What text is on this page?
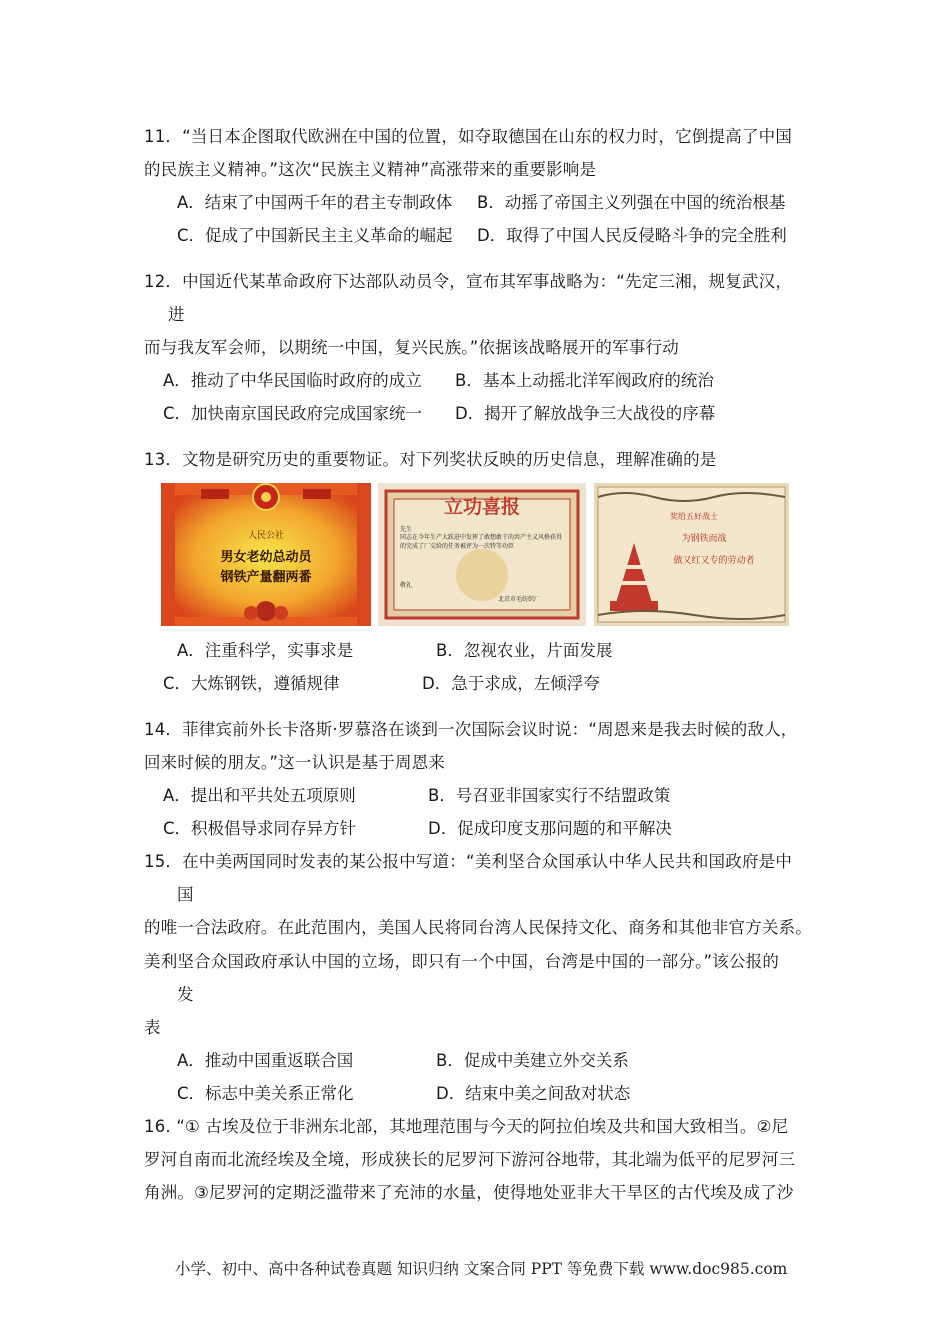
11．“当日本企图取代欧洲在中国的位置，如夺取德国在山东的权力时，它倒提高了中国
的民族主义精神。”这次“民族主义精神”高涨带来的重要影响是
A．结束了中国两千年的君主专制政体 B．动摇了帝国主义列强在中国的统治根基
C．促成了中国新民主主义革命的崛起 D．取得了中国人民反侵略斗争的完全胜利
12．中国近代某革命政府下达部队动员令，宣布其军事战略为：“先定三湘，规复武汉，
进
而与我友军会师，以期统一中国，复兴民族。”依据该战略展开的军事行动
A．推动了中华民国临时政府的成立 B．基本上动摇北洋军阀政府的统治
C．加快南京国民政府完成国家统一 D．揭开了解放战争三大战役的序幕
13．文物是研究历史的重要物证。对下列奖状反映的历史信息，理解准确的是
人民公社
男女老幼总动员
钢铁产量翻两番
立功喜报
先生
同志在今年生产大跃进中发挥了敢想敢干的共产主义风格获得的完成了厂交给的任务被评为一次特等功臣
敬礼
北京市毛纺织厂
奖给五好战士
为钢铁而战
做又红又专的劳动者
A．注重科学，实事求是	B．忽视农业，片面发展
C．大炼钢铁，遵循规律	D．急于求成，左倾浮夸
14．菲律宾前外长卡洛斯·罗慕洛在谈到一次国际会议时说：“周恩来是我去时候的敌人，
回来时候的朋友。”这一认识是基于周恩来
A．提出和平共处五项原则	B．号召亚非国家实行不结盟政策
C．积极倡导求同存异方针	D．促成印度支那问题的和平解决
15．在中美两国同时发表的某公报中写道：“美利坚合众国承认中华人民共和国政府是中
国
的唯一合法政府。在此范围内，美国人民将同台湾人民保持文化、商务和其他非官方关系。
美利坚合众国政府承认中国的立场，即只有一个中国，台湾是中国的一部分。”该公报的
发
表
A．推动中国重返联合国	B．促成中美建立外交关系
C．标志中美关系正常化	D．结束中美之间敌对状态
16. “① 古埃及位于非洲东北部，其地理范围与今天的阿拉伯埃及共和国大致相当。②尼
罗河自南而北流经埃及全境，形成狭长的尼罗河下游河谷地带，其北端为低平的尼罗河三
角洲。③尼罗河的定期泛滥带来了充沛的水量，使得地处亚非大干旱区的古代埃及成了沙
小学、初中、高中各种试卷真题 知识归纳 文案合同 PPT 等免费下载 www.doc985.com
